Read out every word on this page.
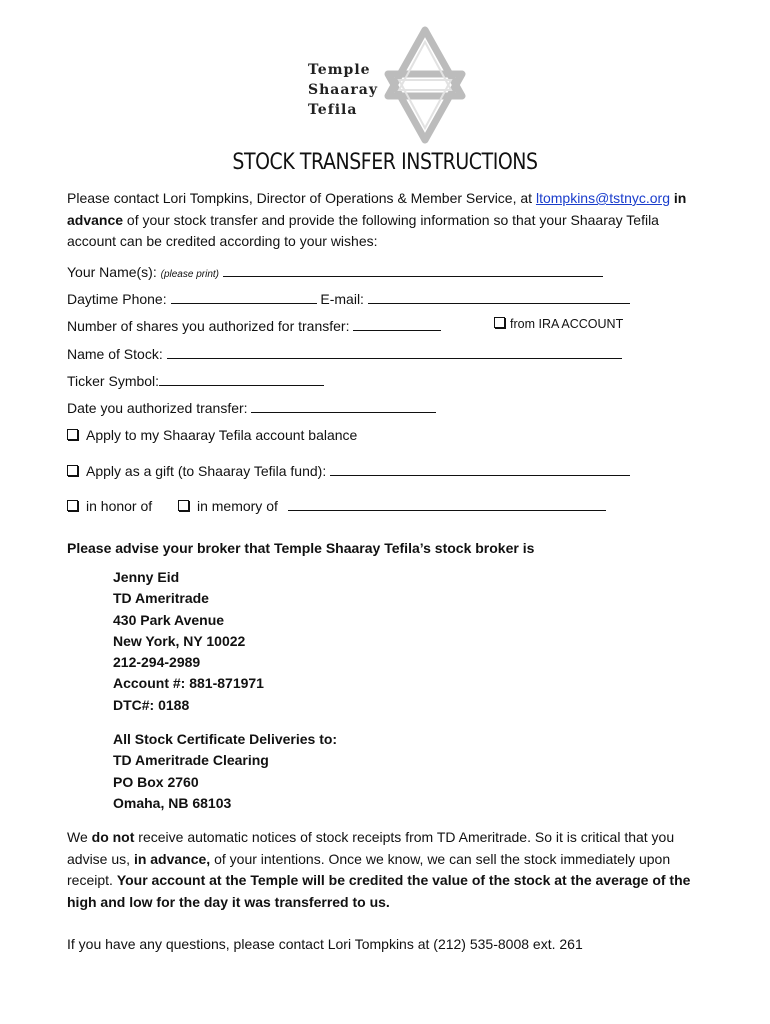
Temple
Shaaray
Tefila
STOCK TRANSFER INSTRUCTIONS
Please contact Lori Tompkins, Director of Operations & Member Service, at ltompkins@tstnyc.org in advance of your stock transfer and provide the following information so that your Shaaray Tefila account can be credited according to your wishes:
Your Name(s): (please print)
Daytime Phone:	E-mail:
Number of shares you authorized for transfer:	from IRA ACCOUNT
Name of Stock:
Ticker Symbol:
Date you authorized transfer:
Apply to my Shaaray Tefila account balance
Apply as a gift (to Shaaray Tefila fund):
in honor of	in memory of
Please advise your broker that Temple Shaaray Tefila’s stock broker is
Jenny Eid
TD Ameritrade
430 Park Avenue
New York, NY 10022
212-294-2989
Account #: 881-871971
DTC#: 0188
All Stock Certificate Deliveries to:
TD Ameritrade Clearing
PO Box 2760
Omaha, NB 68103
We do not receive automatic notices of stock receipts from TD Ameritrade. So it is critical that you advise us, in advance, of your intentions. Once we know, we can sell the stock immediately upon receipt. Your account at the Temple will be credited the value of the stock at the average of the high and low for the day it was transferred to us.
If you have any questions, please contact Lori Tompkins at (212) 535-8008 ext. 261
